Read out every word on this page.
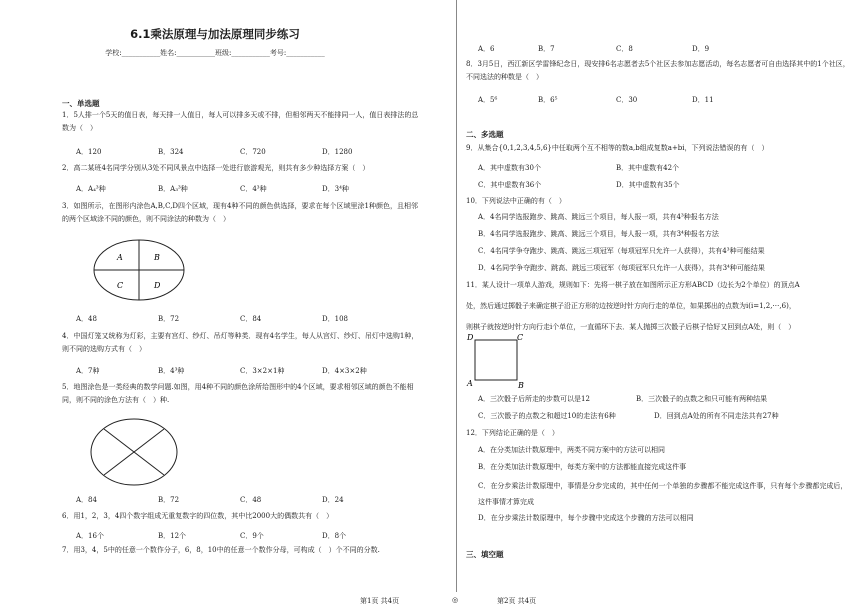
6.1乘法原理与加法原理同步练习
学校:___________姓名:___________班级:___________考号:___________
一、单选题
1．5人排一个5天的值日表，每天排一人值日，每人可以排多天或不排，但相邻两天不能排同一人，值日表排法的总数为（　）
A．120	B．324	C．720	D．1280
2．高二某班4名同学分别从3处不同风景点中选择一处进行旅游观光，则共有多少种选择方案（　）
A．A₄³种	B．A₃³种	C．4³种	D．3⁴种
3．如图所示，在图形内涂色A,B,C,D四个区域，现有4种不同的颜色供选择，要求在每个区域里涂1种颜色，且相邻的两个区域涂不同的颜色，则不同涂法的种数为（　）
A	B
C	D
A．48	B．72	C．84	D．108
4．中国灯笼又统称为灯彩，主要有宫灯、纱灯、吊灯等种类．现有4名学生，每人从宫灯、纱灯、吊灯中选购1种，则不同的选购方式有（　）
A．7种	B．4³种	C．3×2×1种	D．4×3×2种
5．地图涂色是一类经典的数学问题.如图，用4种不同的颜色涂所给图形中的4个区域，要求相邻区域的颜色不能相同，则不同的涂色方法有（　）种.
A．84	B．72	C．48	D．24
6．用1，2，3，4四个数字组成无重复数字的四位数，其中比2000大的偶数共有（　）
A．16个	B．12个	C．9个	D．8个
7．用3，4，5中的任意一个数作分子，6，8，10中的任意一个数作分母，可构成（　）个不同的分数.
A．6	B．7	C．8	D．9
8．3月5日，西江新区学雷锋纪念日，现安排6名志愿者去5个社区去参加志愿活动，每名志愿者可自由选择其中的1个社区，不同选法的种数是（　）
A．5⁶	B．6⁵	C．30	D．11
二、多选题
9．从集合{0,1,2,3,4,5,6}中任取两个互不相等的数a,b组成复数a+bi，下列说法错误的有（　）
A．其中虚数有30个	B．其中虚数有42个
C．其中虚数有36个	D．其中虚数有35个
10．下列说法中正确的有（　）
A．4名同学选报跑步、跳高、跳远三个项目，每人报一项，共有4³种报名方法
B．4名同学选报跑步、跳高、跳远三个项目，每人报一项，共有3⁴种报名方法
C．4名同学争夺跑步、跳高、跳远三项冠军（每项冠军只允许一人获得），共有4³种可能结果
D．4名同学争夺跑步、跳高、跳远三项冠军（每项冠军只允许一人获得），共有3⁴种可能结果
11．某人设计一项单人游戏，规则如下：先将一棋子放在如图所示正方形ABCD（边长为2个单位）的顶点A
处，然后通过掷骰子来确定棋子沿正方形的边按逆时针方向行走的单位，如果掷出的点数为i(i=1,2,⋯,6)，
则棋子就按逆时针方向行走i个单位，一直循环下去．某人抛掷三次骰子后棋子恰好又回到点A处，则（　）
D	C
A	B
A．三次骰子后所走的步数可以是12	B．三次骰子的点数之和只可能有两种结果
C．三次骰子的点数之和超过10的走法有6种	D．回到点A处的所有不同走法共有27种
12．下列结论正确的是（　）
A．在分类加法计数原理中，两类不同方案中的方法可以相同
B．在分类加法计数原理中，每类方案中的方法都能直接完成这件事
C．在分步乘法计数原理中，事情是分步完成的，其中任何一个单独的步骤都不能完成这件事，只有每个步骤都完成后，这件事情才算完成
D．在分步乘法计数原理中，每个步骤中完成这个步骤的方法可以相同
三、填空题
第1页 共4页	◎	第2页 共4页
